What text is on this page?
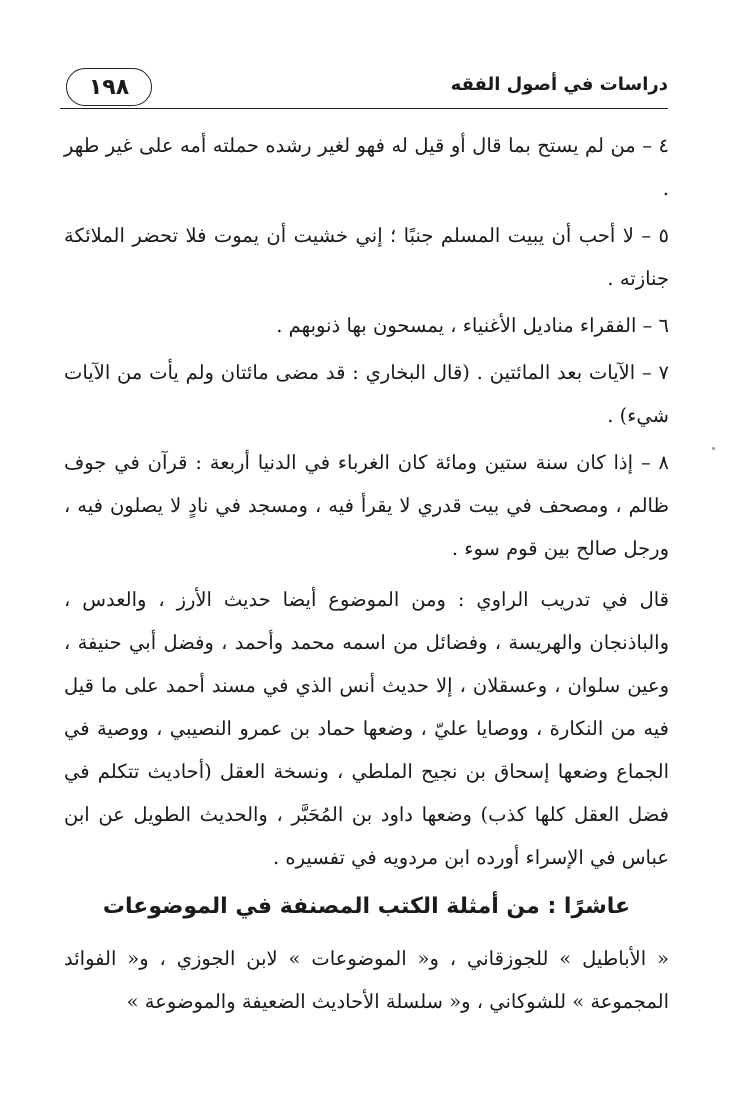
١٩٨	دراسات في أصول الفقه

٤ – من لم يستح بما قال أو قيل له فهو لغير رشده حملته أمه على غير طهر .

٥ – لا أحب أن يبيت المسلم جنبًا ؛ إني خشيت أن يموت فلا تحضر الملائكة جنازته .

٦ – الفقراء مناديل الأغنياء ، يمسحون بها ذنوبهم .

٧ – الآيات بعد المائتين . (قال البخاري : قد مضى مائتان ولم يأت من الآيات شيء) .

٨ – إذا كان سنة ستين ومائة كان الغرباء في الدنيا أربعة : قرآن في جوف ظالم ، ومصحف في بيت قدري لا يقرأ فيه ، ومسجد في نادٍ لا يصلون فيه ، ورجل صالح بين قوم سوء .

قال في تدريب الراوي : ومن الموضوع أيضا حديث الأرز ، والعدس ، والباذنجان والهريسة ، وفضائل من اسمه محمد وأحمد ، وفضل أبي حنيفة ، وعين سلوان ، وعسقلان ، إلا حديث أنس الذي في مسند أحمد على ما قيل فيه من النكارة ، ووصايا عليّ ، وضعها حماد بن عمرو النصيبي ، ووصية في الجماع وضعها إسحاق بن نجيح الملطي ، ونسخة العقل (أحاديث تتكلم في فضل العقل كلها كذب) وضعها داود بن المُحَبَّر ، والحديث الطويل عن ابن عباس في الإسراء أورده ابن مردويه في تفسيره .

عاشرًا : من أمثلة الكتب المصنفة في الموضوعات

« الأباطيل » للجوزقاني ، و« الموضوعات » لابن الجوزي ، و« الفوائد المجموعة » للشوكاني ، و« سلسلة الأحاديث الضعيفة والموضوعة »
